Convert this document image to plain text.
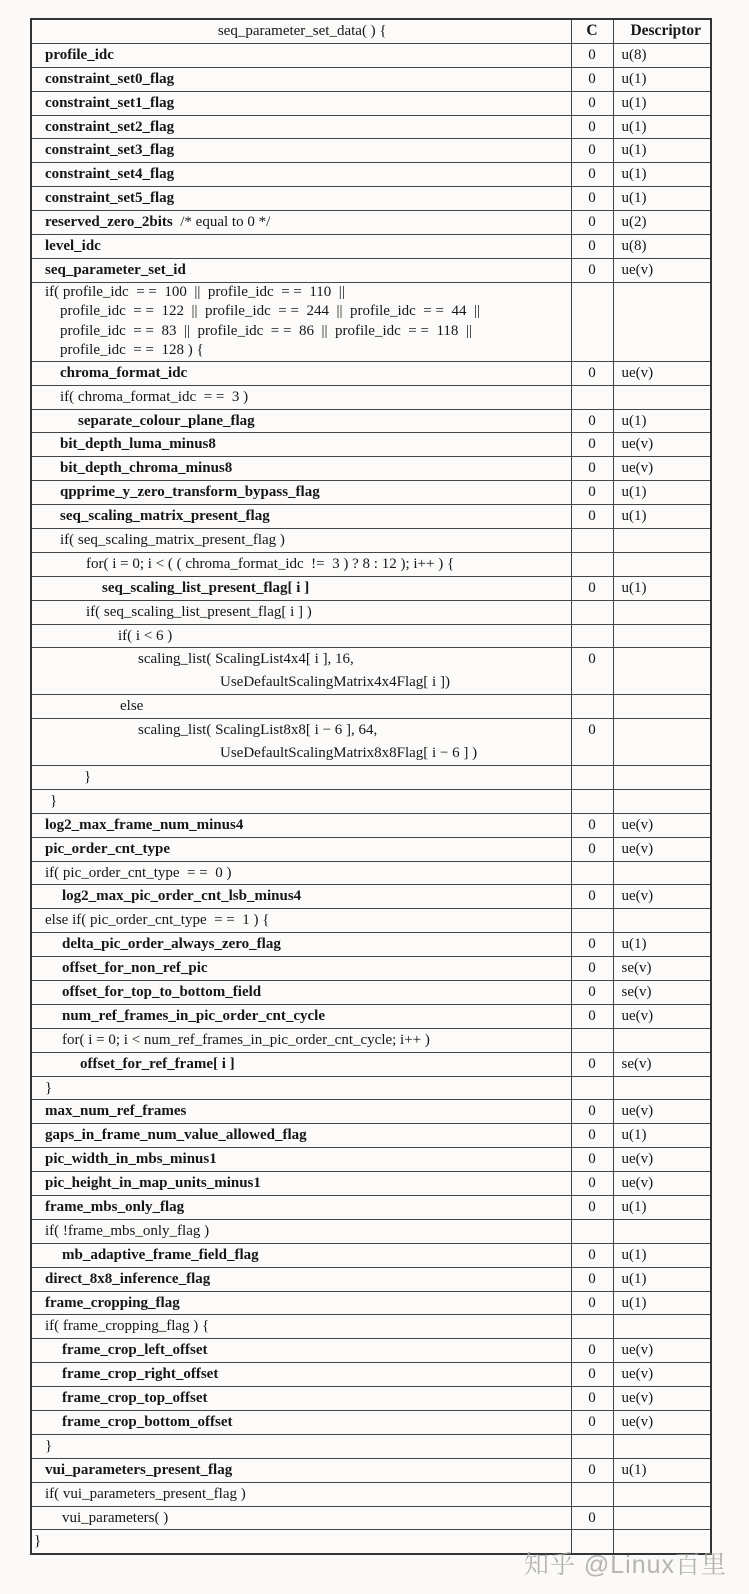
seq_parameter_set_data( ) {	C	Descriptor

profile_idc	0	u(8)

constraint_set0_flag	0	u(1)

constraint_set1_flag	0	u(1)

constraint_set2_flag	0	u(1)

constraint_set3_flag	0	u(1)

constraint_set4_flag	0	u(1)

constraint_set5_flag	0	u(1)

reserved_zero_2bits  /* equal to 0 */	0	u(2)

level_idc	0	u(8)

seq_parameter_set_id	0	ue(v)

if( profile_idc  = =  100  ||  profile_idc  = =  110  ||
profile_idc  = =  122  ||  profile_idc  = =  244  ||  profile_idc  = =  44  ||
profile_idc  = =  83  ||  profile_idc  = =  86  ||  profile_idc  = =  118  ||
profile_idc  = =  128 ) {		

chroma_format_idc	0	ue(v)

if( chroma_format_idc  = =  3 )		

separate_colour_plane_flag	0	u(1)

bit_depth_luma_minus8	0	ue(v)

bit_depth_chroma_minus8	0	ue(v)

qpprime_y_zero_transform_bypass_flag	0	u(1)

seq_scaling_matrix_present_flag	0	u(1)

if( seq_scaling_matrix_present_flag )		

for( i = 0; i < ( ( chroma_format_idc  !=  3 ) ? 8 : 12 ); i++ ) {		

seq_scaling_list_present_flag[ i ]	0	u(1)

if( seq_scaling_list_present_flag[ i ] )		

if( i < 6 )		

scaling_list( ScalingList4x4[ i ], 16,
UseDefaultScalingMatrix4x4Flag[ i ])	0	

else		

scaling_list( ScalingList8x8[ i − 6 ], 64,
UseDefaultScalingMatrix8x8Flag[ i − 6 ] )	0	

}		

}		

log2_max_frame_num_minus4	0	ue(v)

pic_order_cnt_type	0	ue(v)

if( pic_order_cnt_type  = =  0 )		

log2_max_pic_order_cnt_lsb_minus4	0	ue(v)

else if( pic_order_cnt_type  = =  1 ) {		

delta_pic_order_always_zero_flag	0	u(1)

offset_for_non_ref_pic	0	se(v)

offset_for_top_to_bottom_field	0	se(v)

num_ref_frames_in_pic_order_cnt_cycle	0	ue(v)

for( i = 0; i < num_ref_frames_in_pic_order_cnt_cycle; i++ )		

offset_for_ref_frame[ i ]	0	se(v)

}		

max_num_ref_frames	0	ue(v)

gaps_in_frame_num_value_allowed_flag	0	u(1)

pic_width_in_mbs_minus1	0	ue(v)

pic_height_in_map_units_minus1	0	ue(v)

frame_mbs_only_flag	0	u(1)

if( !frame_mbs_only_flag )		

mb_adaptive_frame_field_flag	0	u(1)

direct_8x8_inference_flag	0	u(1)

frame_cropping_flag	0	u(1)

if( frame_cropping_flag ) {		

frame_crop_left_offset	0	ue(v)

frame_crop_right_offset	0	ue(v)

frame_crop_top_offset	0	ue(v)

frame_crop_bottom_offset	0	ue(v)

}		

vui_parameters_present_flag	0	u(1)

if( vui_parameters_present_flag )		

vui_parameters( )	0	

}		

知乎 @Linux百里
